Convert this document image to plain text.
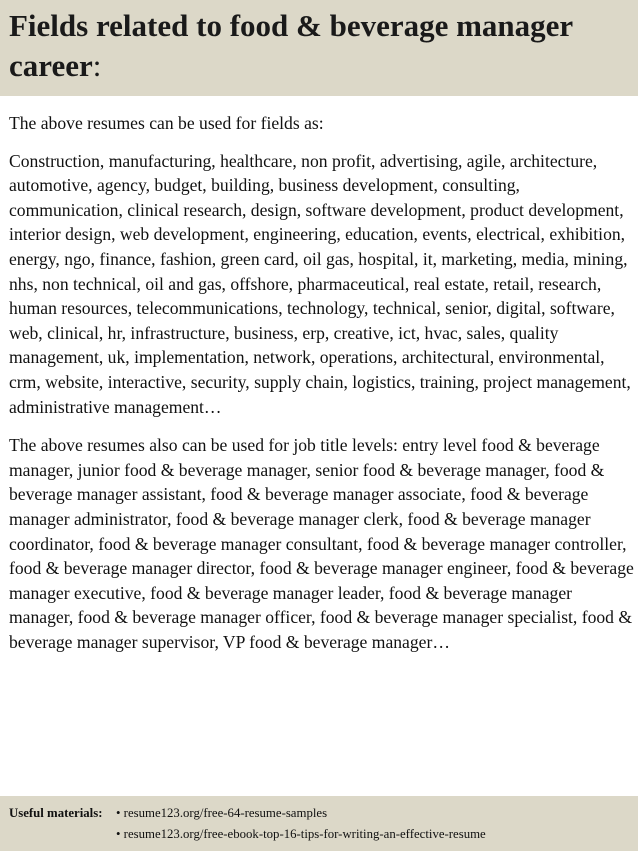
Fields related to food & beverage manager career:

The above resumes can be used for fields as:

Construction, manufacturing, healthcare, non profit, advertising, agile, architecture, automotive, agency, budget, building, business development, consulting, communication, clinical research, design, software development, product development, interior design, web development, engineering, education, events, electrical, exhibition, energy, ngo, finance, fashion, green card, oil gas, hospital, it, marketing, media, mining, nhs, non technical, oil and gas, offshore, pharmaceutical, real estate, retail, research, human resources, telecommunications, technology, technical, senior, digital, software, web, clinical, hr, infrastructure, business, erp, creative, ict, hvac, sales, quality management, uk, implementation, network, operations, architectural, environmental, crm, website, interactive, security, supply chain, logistics, training, project management, administrative management…

The above resumes also can be used for job title levels: entry level food & beverage manager, junior food & beverage manager, senior food & beverage manager, food & beverage manager assistant, food & beverage manager associate, food & beverage manager administrator, food & beverage manager clerk, food & beverage manager coordinator, food & beverage manager consultant, food & beverage manager controller, food & beverage manager director, food & beverage manager engineer, food & beverage manager executive, food & beverage manager leader, food & beverage manager manager, food & beverage manager officer, food & beverage manager specialist, food & beverage manager supervisor, VP food & beverage manager…

Useful materials: • resume123.org/free-64-resume-samples
• resume123.org/free-ebook-top-16-tips-for-writing-an-effective-resume
